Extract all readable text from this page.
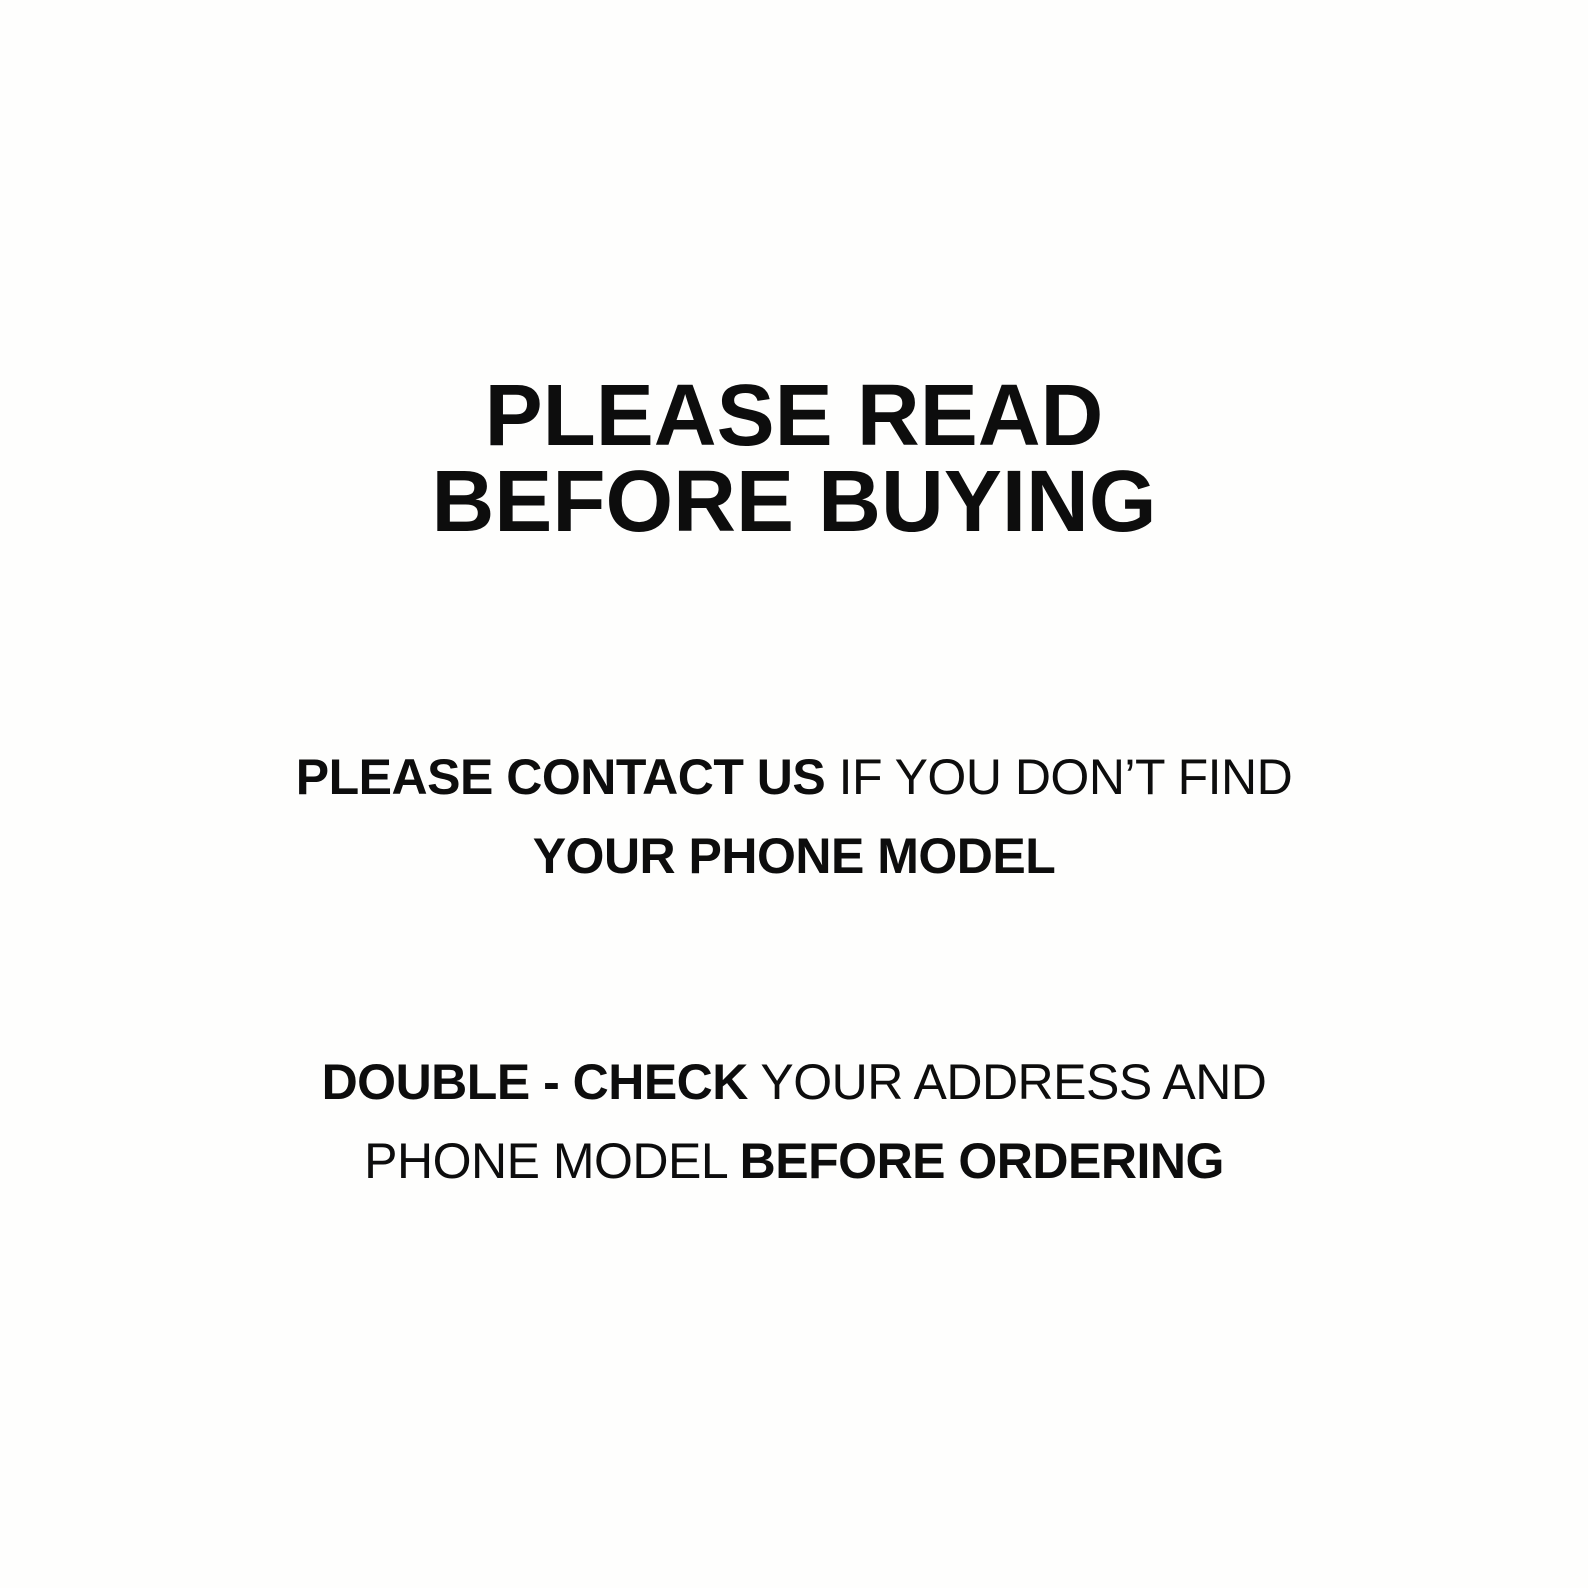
PLEASE READ
BEFORE BUYING
PLEASE CONTACT US IF YOU DON’T FIND
YOUR PHONE MODEL
DOUBLE - CHECK YOUR ADDRESS AND
PHONE MODEL BEFORE ORDERING
